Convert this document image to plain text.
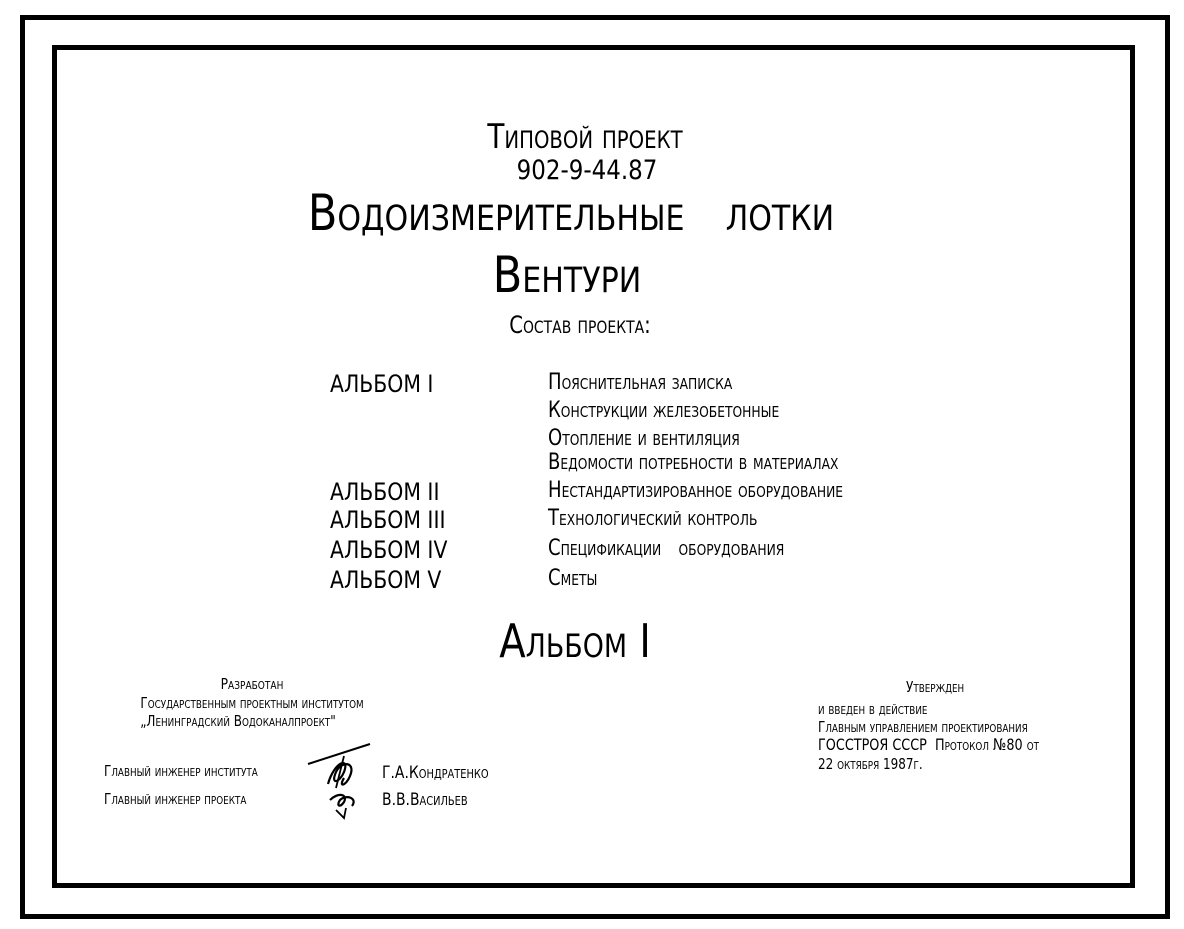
Типовой проект
902-9-44.87
Водоизмерительные   лотки
Вентури
Состав проекта:
АЛЬБОМ I	Пояснительная записка
Конструкции железобетонные
Отопление и вентиляция
Ведомости потребности в материалах
АЛЬБОМ II	Нестандартизированное оборудование
АЛЬБОМ III	Технологический контроль
АЛЬБОМ IV	Спецификации   оборудования
АЛЬБОМ V	Сметы
Альбом I
Разработан
Государственным проектным институтом
„Ленинградский Водоканалпроект"
Утвержден
и введен в действие
Главным управлением проектирования
ГОССТРОЯ СССР  Протокол №80 от
22 октября 1987г.
Главный инженер института	Г.А.Кондратенко
Главный инженер проекта	В.В.Васильев
